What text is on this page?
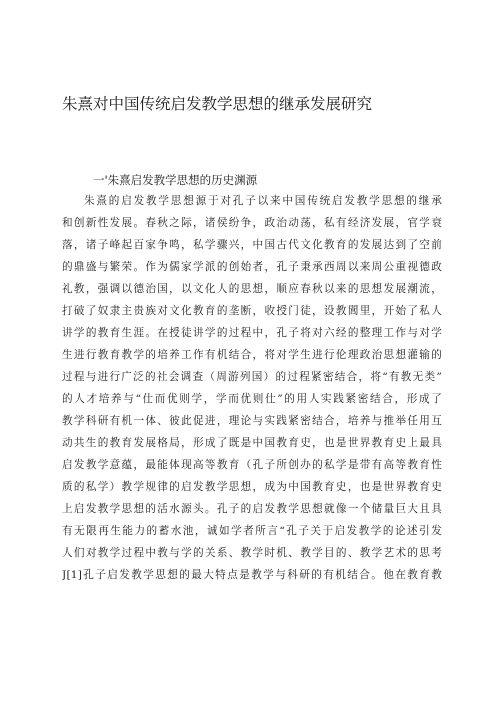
朱熹对中国传统启发教学思想的继承发展研究
一'朱熹启发教学思想的历史渊源
朱熹的启发教学思想源于对孔子以来中国传统启发教学思想的继承
和创新性发展。春秋之际，诸侯纷争，政治动荡，私有经济发展，官学衰
落，诸子峰起百家争鸣，私学骤兴，中国古代文化教育的发展达到了空前
的鼎盛与繁荣。作为儒家学派的创始者，孔子秉承西周以来周公重视德政
礼教，强调以德治国，以文化人的思想，顺应春秋以来的思想发展潮流，
打破了奴隶主贵族对文化教育的垄断，收授门徒，设教閭里，开始了私人
讲学的教育生涯。在授徒讲学的过程中，孔子将对六经的整理工作与对学
生进行教育教学的培养工作有机结合，将对学生进行伦理政治思想灌输的
过程与进行广泛的社会调查（周游列国）的过程紧密结合，将“有教无类”
的人才培养与“仕而优则学，学而优则仕”的用人实践紧密结合，形成了
教学科研有机一体、彼此促进，理论与实践紧密结合，培养与推举任用互
动共生的教育发展格局，形成了既是中国教育史，也是世界教育史上最具
启发教学意蕴，最能体现高等教育（孔子所创办的私学是带有高等教育性
质的私学）教学规律的启发教学思想，成为中国教育史，也是世界教育史
上启发教学思想的活水源头。孔子的启发教学思想就像一个储量巨大且具
有无限再生能力的蓄水池，诚如学者所言“孔子关于启发教学的论述引发
人们对教学过程中教与学的关系、教学时机、教学目的、教学艺术的思考
J[1]孔子启发教学思想的最大特点是教学与科研的有机结合。他在教育教
